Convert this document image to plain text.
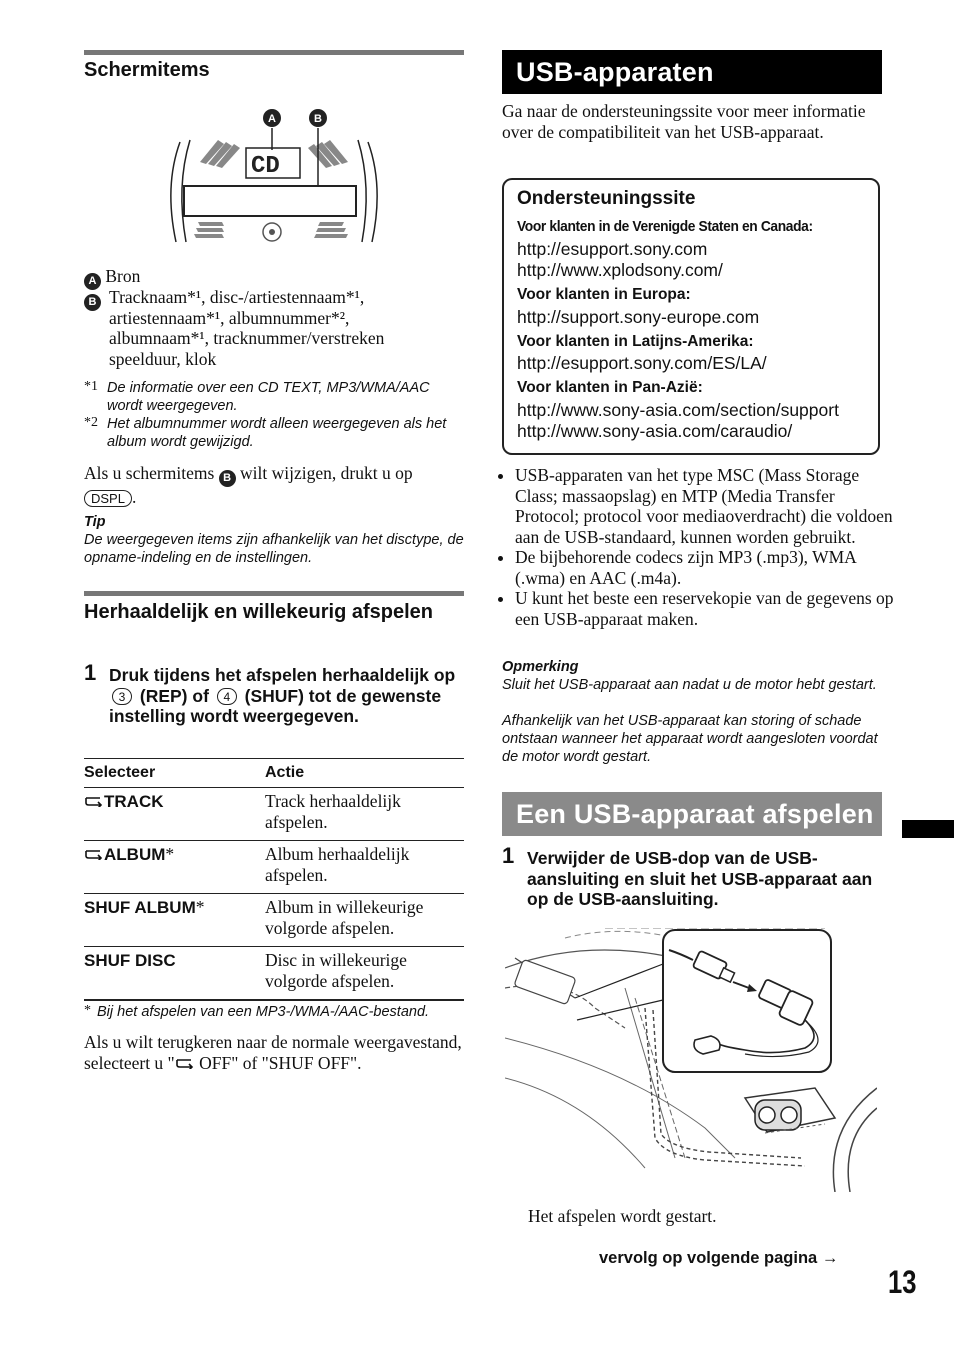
Schermitems
CD
A	B
A Bron
B Tracknaam*¹, disc-/artiestennaam*¹, artiestennaam*¹, albumnummer*², albumnaam*¹, tracknummer/verstreken speelduur, klok
*1 De informatie over een CD TEXT, MP3/WMA/AAC wordt weergegeven.
*2 Het albumnummer wordt alleen weergegeven als het album wordt gewijzigd.
Als u schermitems B wilt wijzigen, drukt u op DSPL .
Tip
De weergegeven items zijn afhankelijk van het disctype, de opname-indeling en de instellingen.
Herhaaldelijk en willekeurig afspelen
1 Druk tijdens het afspelen herhaaldelijk op 3 (REP) of 4 (SHUF) tot de gewenste instelling wordt weergegeven.
Selecteer	Actie
TRACK	Track herhaaldelijk afspelen.
ALBUM*	Album herhaaldelijk afspelen.
SHUF ALBUM*	Album in willekeurige volgorde afspelen.
SHUF DISC	Disc in willekeurige volgorde afspelen.
* Bij het afspelen van een MP3-/WMA-/AAC-bestand.
Als u wilt terugkeren naar de normale weergavestand, selecteert u " OFF" of "SHUF OFF".
USB-apparaten
Ga naar de ondersteuningssite voor meer informatie over de compatibiliteit van het USB-apparaat.
Ondersteuningssite
Voor klanten in de Verenigde Staten en Canada:
http://esupport.sony.com
http://www.xplodsony.com/
Voor klanten in Europa:
http://support.sony-europe.com
Voor klanten in Latijns-Amerika:
http://esupport.sony.com/ES/LA/
Voor klanten in Pan-Azië:
http://www.sony-asia.com/section/support
http://www.sony-asia.com/caraudio/
• USB-apparaten van het type MSC (Mass Storage Class; massaopslag) en MTP (Media Transfer Protocol; protocol voor mediaoverdracht) die voldoen aan de USB-standaard, kunnen worden gebruikt.
• De bijbehorende codecs zijn MP3 (.mp3), WMA (.wma) en AAC (.m4a).
• U kunt het beste een reservekopie van de gegevens op een USB-apparaat maken.
Opmerking
Sluit het USB-apparaat aan nadat u de motor hebt gestart.
Afhankelijk van het USB-apparaat kan storing of schade ontstaan wanneer het apparaat wordt aangesloten voordat de motor wordt gestart.
Een USB-apparaat afspelen
1 Verwijder de USB-dop van de USB-aansluiting en sluit het USB-apparaat aan op de USB-aansluiting.
Het afspelen wordt gestart.
vervolg op volgende pagina →
13
